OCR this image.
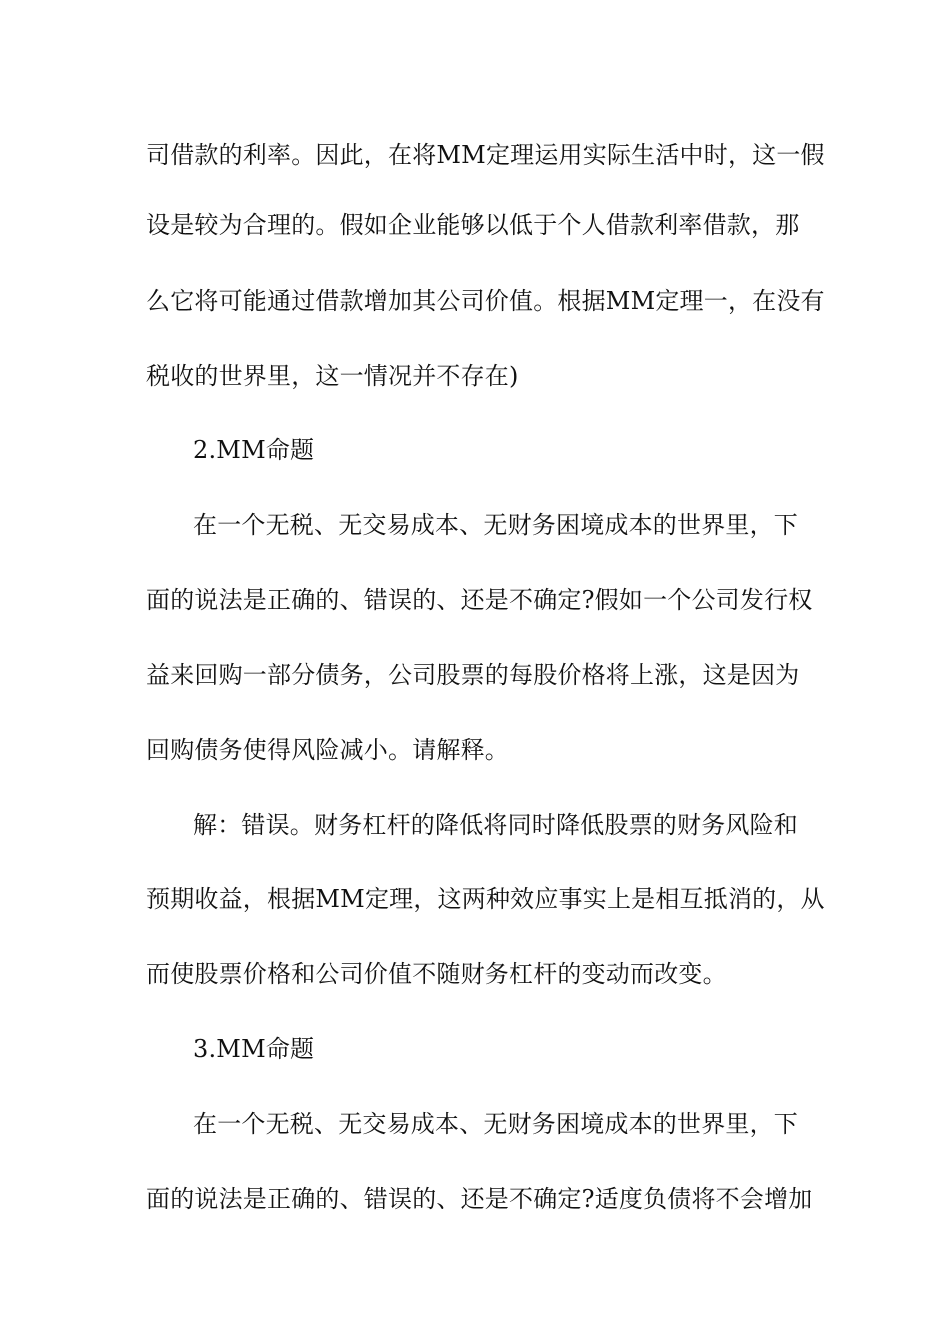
司借款的利率。因此，在将MM定理运用实际生活中时，这一假
设是较为合理的。假如企业能够以低于个人借款利率借款，那
么它将可能通过借款增加其公司价值。根据MM定理一，在没有
税收的世界里，这一情况并不存在)
2.MM命题
在一个无税、无交易成本、无财务困境成本的世界里，下
面的说法是正确的、错误的、还是不确定?假如一个公司发行权
益来回购一部分债务，公司股票的每股价格将上涨，这是因为
回购债务使得风险减小。请解释。
解：错误。财务杠杆的降低将同时降低股票的财务风险和
预期收益，根据MM定理，这两种效应事实上是相互抵消的，从
而使股票价格和公司价值不随财务杠杆的变动而改变。
3.MM命题
在一个无税、无交易成本、无财务困境成本的世界里，下
面的说法是正确的、错误的、还是不确定?适度负债将不会增加
